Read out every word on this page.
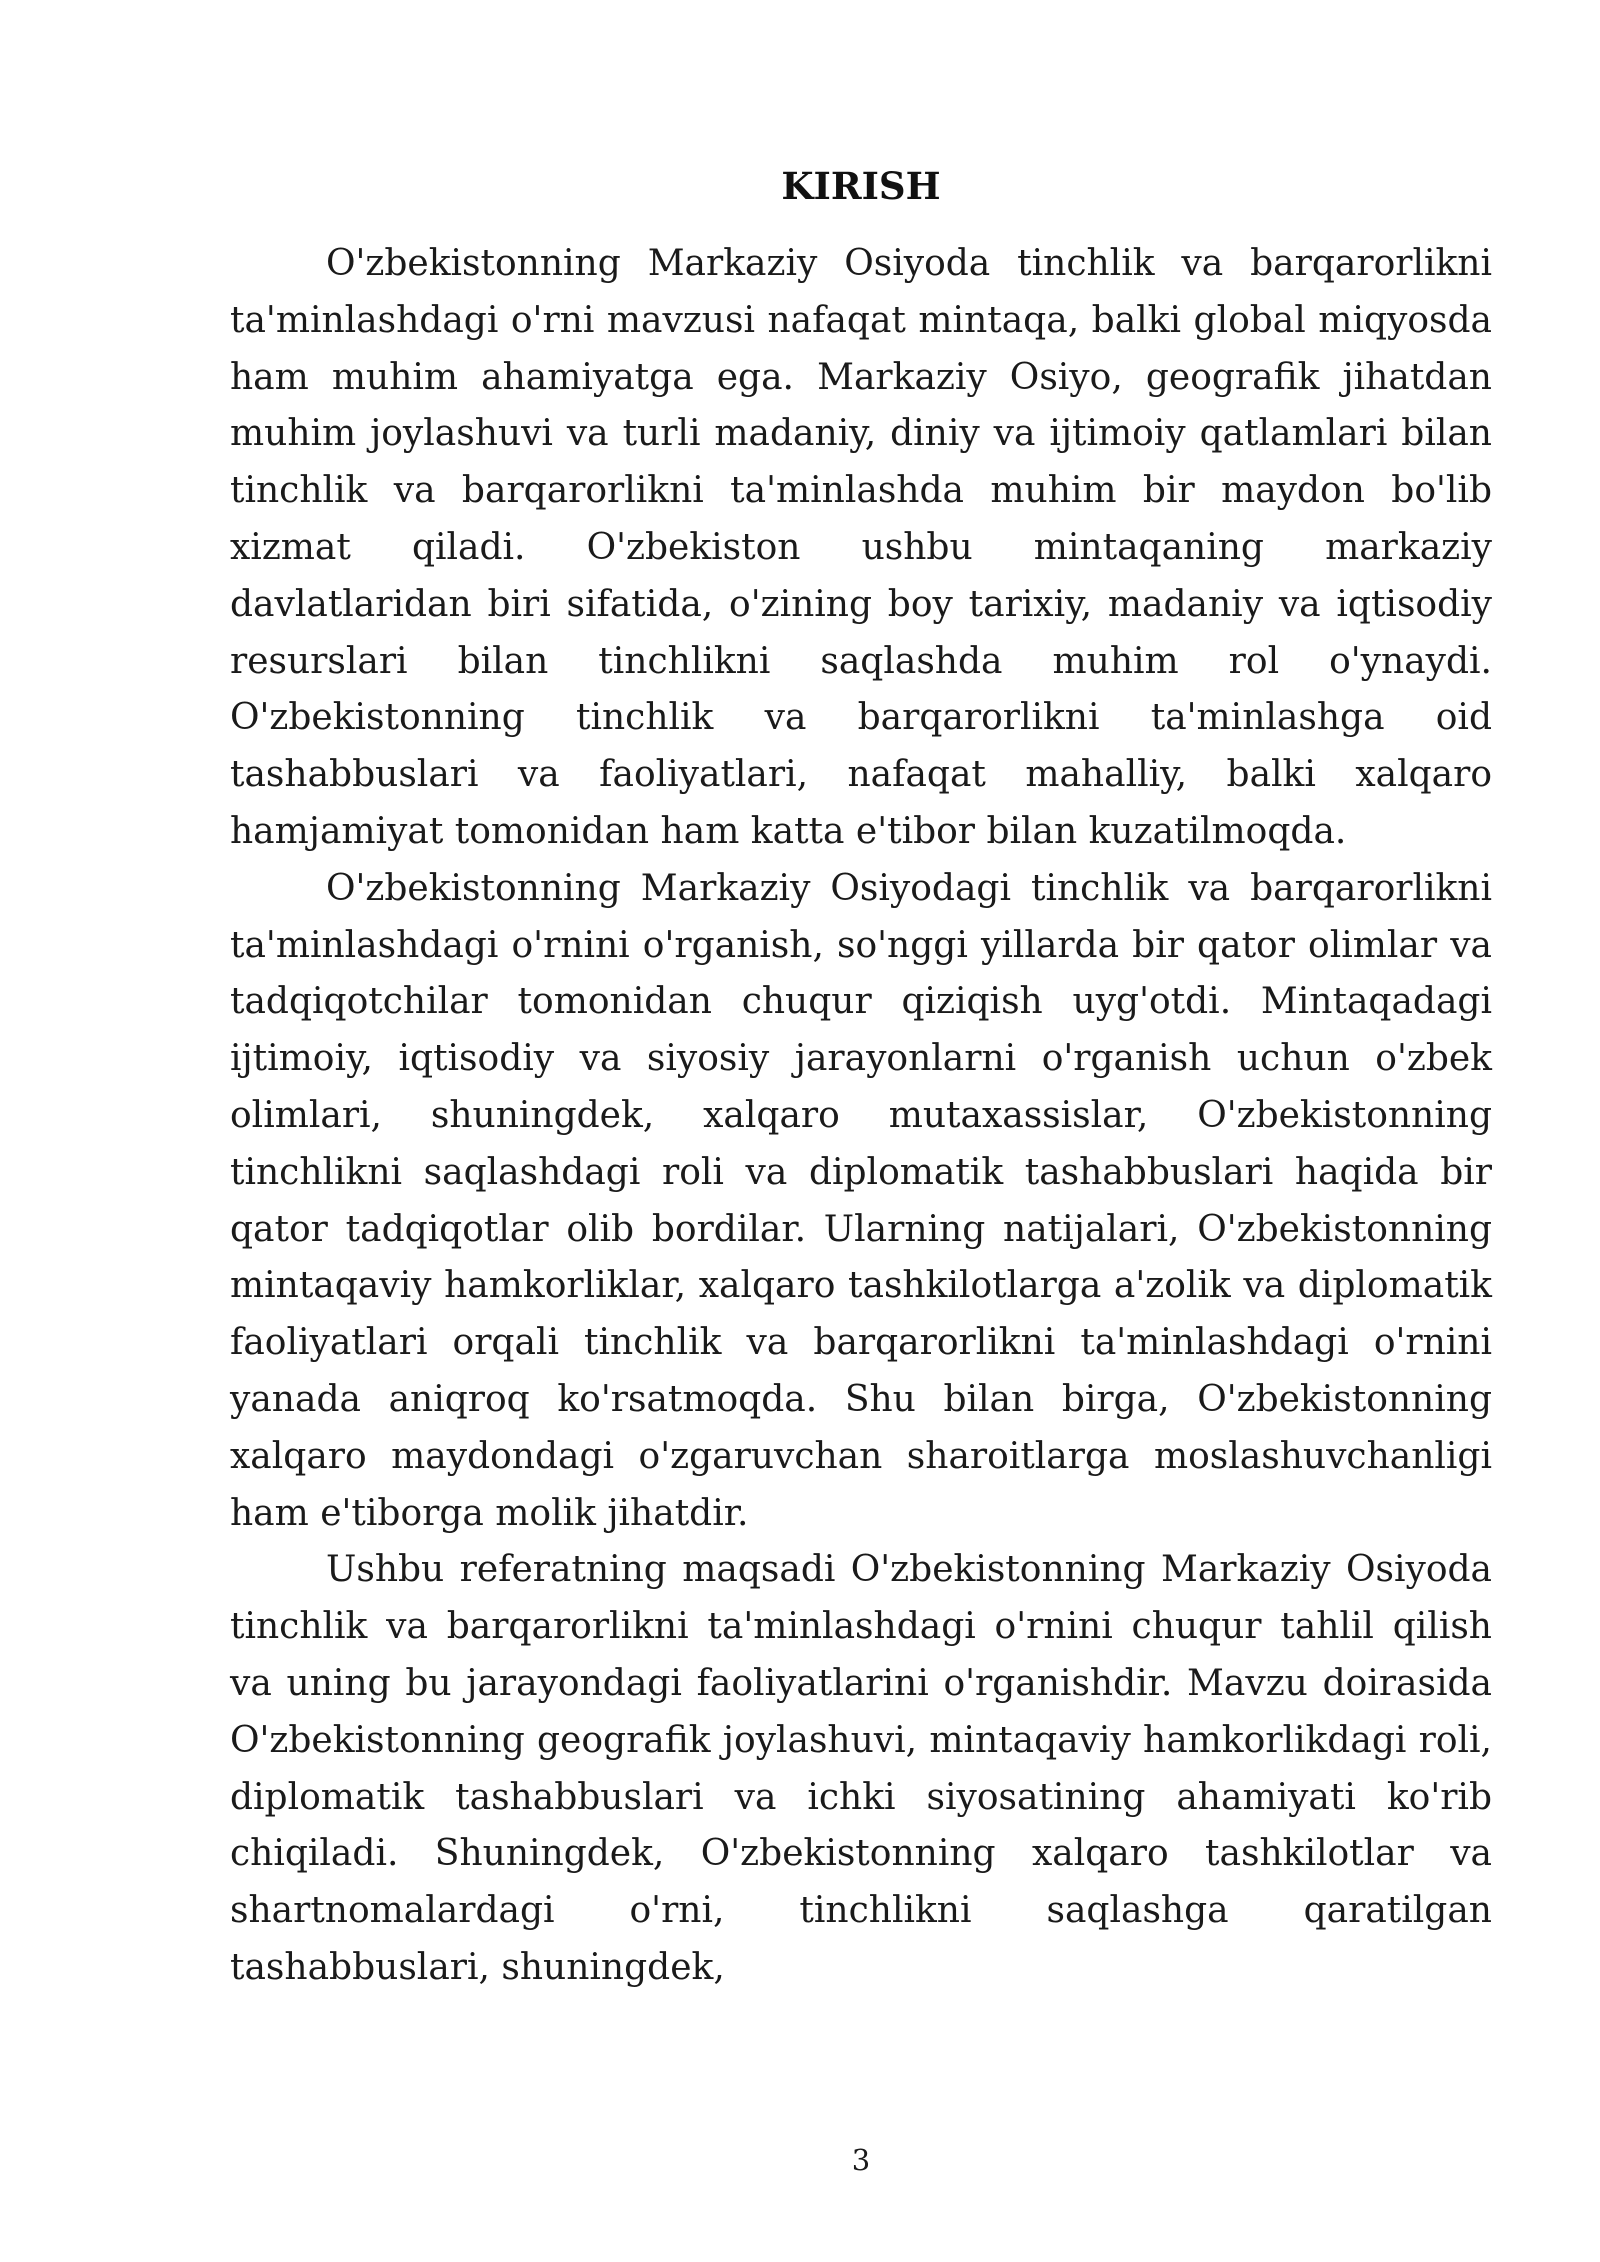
KIRISH

O'zbekistonning Markaziy Osiyoda tinchlik va barqarorlikni ta'minlashdagi o'rni mavzusi nafaqat mintaqa, balki global miqyosda ham muhim ahamiyatga ega. Markaziy Osiyo, geografik jihatdan muhim joylashuvi va turli madaniy, diniy va ijtimoiy qatlamlari bilan tinchlik va barqarorlikni ta'minlashda muhim bir maydon bo'lib xizmat qiladi. O'zbekiston ushbu mintaqaning markaziy davlatlaridan biri sifatida, o'zining boy tarixiy, madaniy va iqtisodiy resurslari bilan tinchlikni saqlashda muhim rol o'ynaydi. O'zbekistonning tinchlik va barqarorlikni ta'minlashga oid tashabbuslari va faoliyatlari, nafaqat mahalliy, balki xalqaro hamjamiyat tomonidan ham katta e'tibor bilan kuzatilmoqda.

O'zbekistonning Markaziy Osiyodagi tinchlik va barqarorlikni ta'minlashdagi o'rnini o'rganish, so'nggi yillarda bir qator olimlar va tadqiqotchilar tomonidan chuqur qiziqish uyg'otdi. Mintaqadagi ijtimoiy, iqtisodiy va siyosiy jarayonlarni o'rganish uchun o'zbek olimlari, shuningdek, xalqaro mutaxassislar, O'zbekistonning tinchlikni saqlashdagi roli va diplomatik tashabbuslari haqida bir qator tadqiqotlar olib bordilar. Ularning natijalari, O'zbekistonning mintaqaviy hamkorliklar, xalqaro tashkilotlarga a'zolik va diplomatik faoliyatlari orqali tinchlik va barqarorlikni ta'minlashdagi o'rnini yanada aniqroq ko'rsatmoqda. Shu bilan birga, O'zbekistonning xalqaro maydondagi o'zgaruvchan sharoitlarga moslashuvchanligi ham e'tiborga molik jihatdir.

Ushbu referatning maqsadi O'zbekistonning Markaziy Osiyoda tinchlik va barqarorlikni ta'minlashdagi o'rnini chuqur tahlil qilish va uning bu jarayondagi faoliyatlarini o'rganishdir. Mavzu doirasida O'zbekistonning geografik joylashuvi, mintaqaviy hamkorlikdagi roli, diplomatik tashabbuslari va ichki siyosatining ahamiyati ko'rib chiqiladi. Shuningdek, O'zbekistonning xalqaro tashkilotlar va shartnomalardagi o'rni, tinchlikni saqlashga qaratilgan tashabbuslari, shuningdek,

3
